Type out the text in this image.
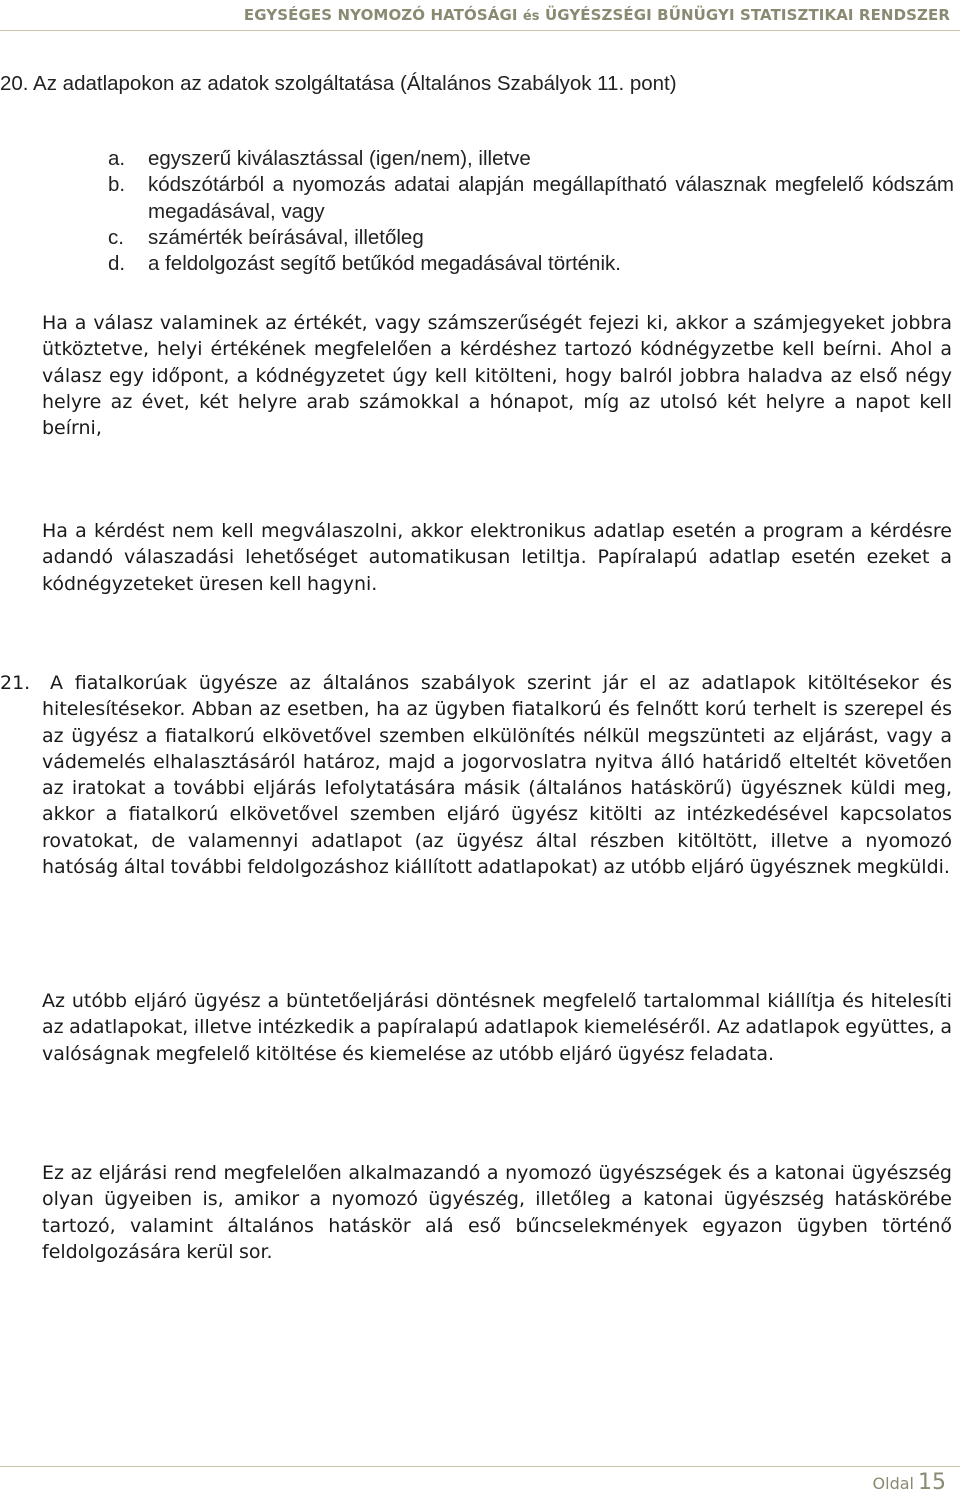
EGYSÉGES NYOMOZÓ HATÓSÁGI és ÜGYÉSZSÉGI BŰNÜGYI STATISZTIKAI RENDSZER
20. Az adatlapokon az adatok szolgáltatása (Általános Szabályok 11. pont)
a. egyszerű kiválasztással (igen/nem), illetve
b. kódszótárból a nyomozás adatai alapján megállapítható válasznak megfelelő kódszám megadásával, vagy
c. számérték beírásával, illetőleg
d. a feldolgozást segítő betűkód megadásával történik.

Ha a válasz valaminek az értékét, vagy számszerűségét fejezi ki, akkor a számjegyeket jobbra ütköztetve, helyi értékének megfelelően a kérdéshez tartozó kódnégyzetbe kell beírni. Ahol a válasz egy időpont, a kódnégyzetet úgy kell kitölteni, hogy balról jobbra haladva az első négy helyre az évet, két helyre arab számokkal a hónapot, míg az utolsó két helyre a napot kell beírni,

Ha a kérdést nem kell megválaszolni, akkor elektronikus adatlap esetén a program a kérdésre adandó válaszadási lehetőséget automatikusan letiltja. Papíralapú adatlap esetén ezeket a kódnégyzeteket üresen kell hagyni.

21.	A fiatalkorúak ügyésze az általános szabályok szerint jár el az adatlapok kitöltésekor és hitelesítésekor. Abban az esetben, ha az ügyben fiatalkorú és felnőtt korú terhelt is szerepel és az ügyész a fiatalkorú elkövetővel szemben elkülönítés nélkül megszünteti az eljárást, vagy a vádemelés elhalasztásáról határoz, majd a jogorvoslatra nyitva álló határidő elteltét követően az iratokat a további eljárás lefolytatására másik (általános hatáskörű) ügyésznek küldi meg, akkor a fiatalkorú elkövetővel szemben eljáró ügyész kitölti az intézkedésével kapcsolatos rovatokat, de valamennyi adatlapot (az ügyész által részben kitöltött, illetve a nyomozó hatóság által további feldolgozáshoz kiállított adatlapokat) az utóbb eljáró ügyésznek megküldi.

Az utóbb eljáró ügyész a büntetőeljárási döntésnek megfelelő tartalommal kiállítja és hitelesíti az adatlapokat, illetve intézkedik a papíralapú adatlapok kiemeléséről. Az adatlapok együttes, a valóságnak megfelelő kitöltése és kiemelése az utóbb eljáró ügyész feladata.

Ez az eljárási rend megfelelően alkalmazandó a nyomozó ügyészségek és a katonai ügyészség olyan ügyeiben is, amikor a nyomozó ügyészég, illetőleg a katonai ügyészség hatáskörébe tartozó, valamint általános hatáskör alá eső bűncselekmények egyazon ügyben történő feldolgozására kerül sor.

Oldal 15
